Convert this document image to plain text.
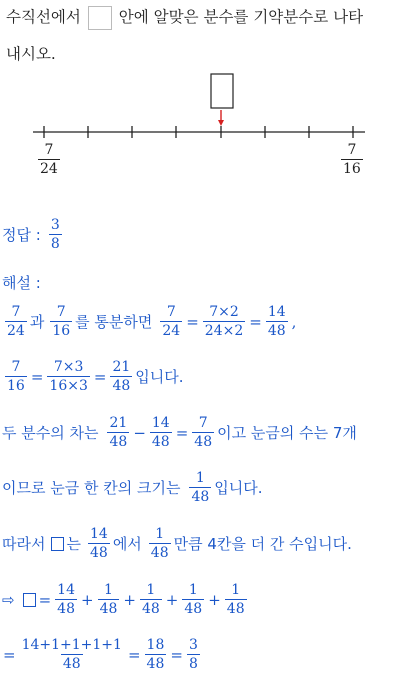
수직선에서 안에 알맞은 분수를 기약분수로 나타
내시오.
$\frac{7}{24}$	$\frac{7}{16}$
정답 : $\frac{3}{8}$
해설 :
$\frac{7}{24}$ 과 $\frac{7}{16}$ 를 통분하면 $\frac{7}{24} = \frac{7\times 2}{24\times 2} = \frac{14}{48}$ ,
$\frac{7}{16} = \frac{7\times 3}{16\times 3} = \frac{21}{48}$ 입니다.
두 분수의 차는 $\frac{21}{48} - \frac{14}{48} = \frac{7}{48}$ 이고 눈금의 수는 7개
이므로 눈금 한 칸의 크기는 $\frac{1}{48}$ 입니다.
따라서 는 $\frac{14}{48}$ 에서 $\frac{1}{48}$ 만큼 4칸을 더 간 수입니다.
⇨ = $\frac{14}{48} + \frac{1}{48} + \frac{1}{48} + \frac{1}{48} + \frac{1}{48}$
= $\frac{14+1+1+1+1}{48} = \frac{18}{48} = \frac{3}{8}$
